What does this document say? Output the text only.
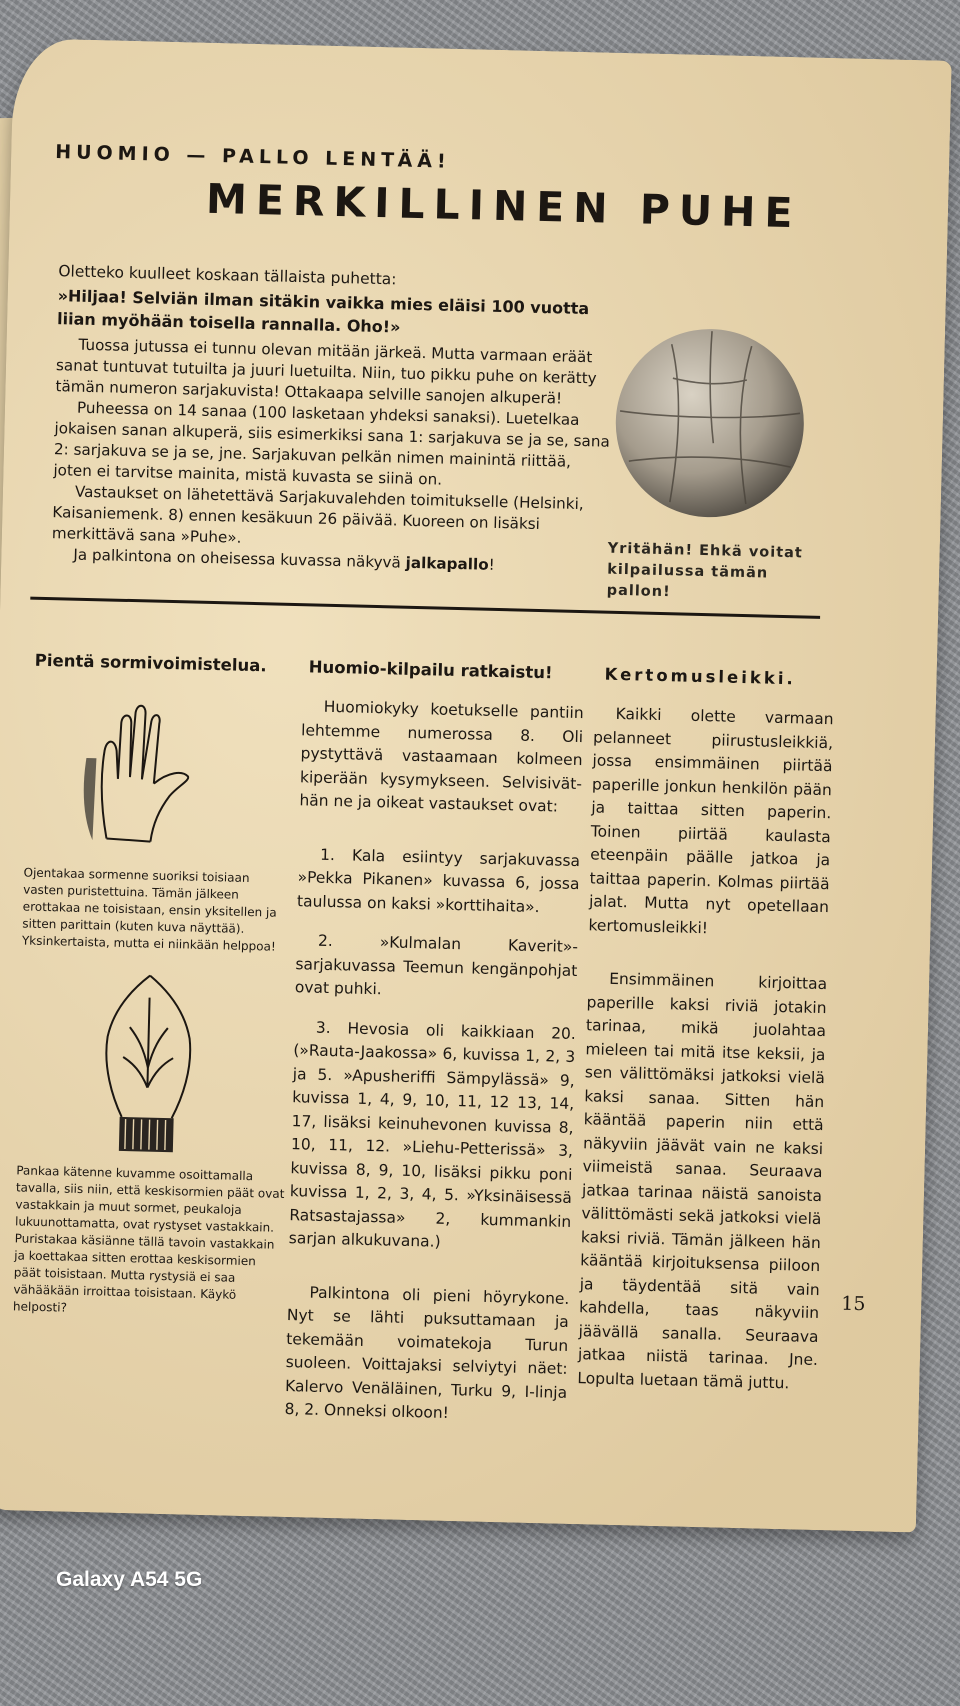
HUOMIO — PALLO LENTÄÄ!
MERKILLINEN PUHE

Oletteko kuulleet koskaan tällaista puhetta:

»Hiljaa! Selviän ilman sitäkin vaikka mies eläisi 100 vuotta liian myöhään toisella rannalla. Oho!»

Tuossa jutussa ei tunnu olevan mitään järkeä. Mutta varmaan eräät sanat tuntuvat tutuilta ja juuri luetuilta. Niin, tuo pikku puhe on kerätty tämän numeron sarjakuvista! Ottakaapa selville sanojen alkuperä!

Puheessa on 14 sanaa (100 lasketaan yhdeksi sanaksi). Luetelkaa jokaisen sanan alkuperä, siis esimerkiksi sana 1: sarjakuva se ja se, sana 2: sarjakuva se ja se, jne. Sarjakuvan pelkän nimen mainintä riittää, joten ei tarvitse mainita, mistä kuvasta se siinä on.

Vastaukset on lähetettävä Sarjakuvalehden toimitukselle (Helsinki, Kaisaniemenk. 8) ennen kesäkuun 26 päivää. Kuoreen on lisäksi merkittävä sana »Puhe».

Ja palkintona on oheisessa kuvassa näkyvä jalkapallo!

Yritähän! Ehkä voitat
kilpailussa tämän pallon!
Pientä sormivoimistelua.	Huomio-kilpailu ratkaistu!	Kertomusleikki.
Ojentakaa sormenne suoriksi toisiaan vasten puristettuina. Tämän jälkeen erottakaa ne toisistaan, ensin yksitellen ja sitten parittain (kuten kuva näyttää). Yksinkertaista, mutta ei niinkään helppoa!
Pankaa kätenne kuvamme osoittamalla tavalla, siis niin, että keskisormien päät ovat vastakkain ja muut sormet, peukaloja lukuunottamatta, ovat rystyset vastakkain. Puristakaa käsiänne tällä tavoin vastakkain ja koettakaa sitten erottaa keskisormien päät toisistaan. Mutta rystysiä ei saa vähääkään irroittaa toisistaan. Käykö helposti?

Huomiokyky koetukselle pantiin lehtemme numerossa 8. Oli pystyttävä vastaamaan kolmeen kiperään kysymykseen. Selvisiväthän ne ja oikeat vastaukset ovat:

1. Kala esiintyy sarjakuvassa »Pekka Pikanen» kuvassa 6, jossa taulussa on kaksi »korttihaita».

2. »Kulmalan Kaverit»-sarjakuvassa Teemun kengänpohjat ovat puhki.

3. Hevosia oli kaikkiaan 20. (»Rauta-Jaakossa» 6, kuvissa 1, 2, 3 ja 5. »Apusheriffi Sämpylässä» 9, kuvissa 1, 4, 9, 10, 11, 12 13, 14, 17, lisäksi keinuhevonen kuvissa 8, 10, 11, 12. »Liehu-Petterissä» 3, kuvissa 8, 9, 10, lisäksi pikku poni kuvissa 1, 2, 3, 4, 5. »Yksinäisessä Ratsastajassa» 2, kummankin sarjan alkukuvana.)

Palkintona oli pieni höyrykone. Nyt se lähti puksuttamaan ja tekemään voimatekoja Turun suoleen. Voittajaksi selviytyi näet: Kalervo Venäläinen, Turku 9, I-linja 8, 2. Onneksi olkoon!

Kaikki olette varmaan pelanneet piirustusleikkiä, jossa ensimmäinen piirtää paperille jonkun henkilön pään ja taittaa sitten paperin. Toinen piirtää kaulasta eteenpäin päälle jatkoa ja taittaa paperin. Kolmas piirtää jalat. Mutta nyt opetellaan kertomusleikki!

Ensimmäinen kirjoittaa paperille kaksi riviä jotakin tarinaa, mikä juolahtaa mieleen tai mitä itse keksii, ja sen välittömäksi jatkoksi vielä kaksi sanaa. Sitten hän kääntää paperin niin että näkyviin jäävät vain ne kaksi viimeistä sanaa. Seuraava jatkaa tarinaa näistä sanoista välittömästi sekä jatkoksi vielä kaksi riviä. Tämän jälkeen hän kääntää kirjoituksensa piiloon ja täydentää sitä vain kahdella, taas näkyviin jäävällä sanalla. Seuraava jatkaa niistä tarinaa. Jne. Lopulta luetaan tämä juttu.

15
Galaxy A54 5G
